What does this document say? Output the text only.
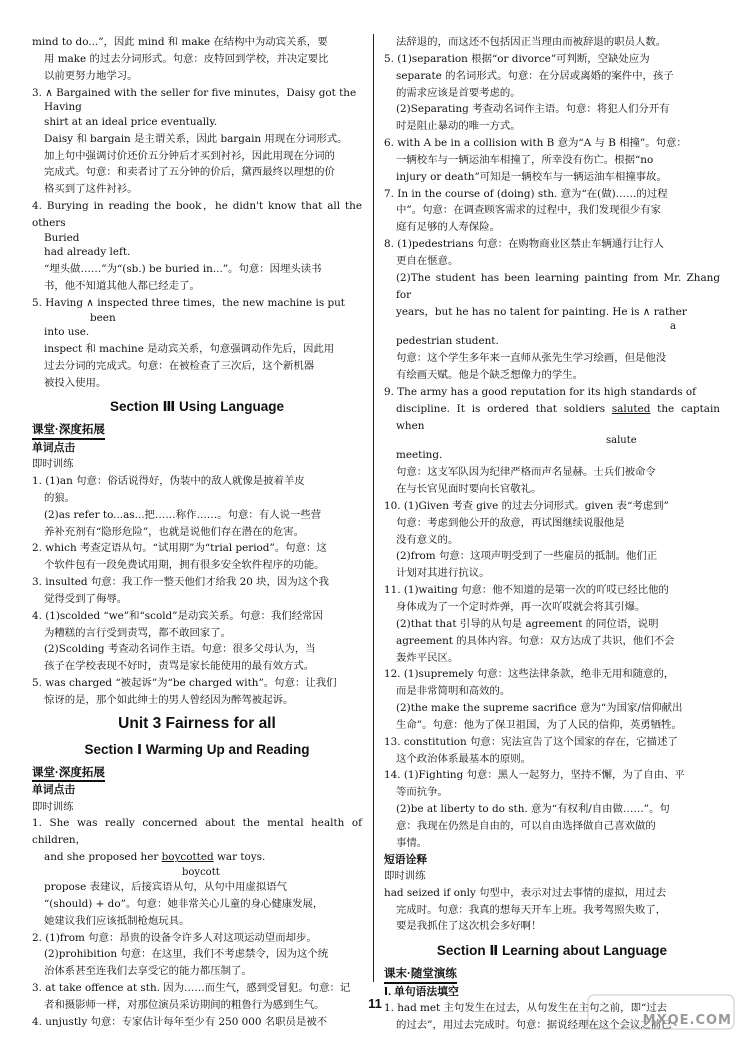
mind to do...”，因此 mind 和 make 在结构中为动宾关系，要

用 make 的过去分词形式。句意：皮特回到学校，并决定要比

以前更努力地学习。

3. ∧ Bargained with the seller for five minutes，Daisy got the

Having

shirt at an ideal price eventually.

Daisy 和 bargain 是主谓关系，因此 bargain 用现在分词形式。

加上句中强调讨价还价五分钟后才买到衬衫，因此用现在分词的

完成式。句意：和卖者讨了五分钟的价后，黛西最终以理想的价

格买到了这件衬衫。

4. Burying in reading the book，he didn't know that all the others

Buried

had already left.

“埋头做……”为“(sb.) be buried in...”。句意：因埋头读书

书，他不知道其他人都已经走了。

5. Having ∧ inspected three times，the new machine is put

been

into use.

inspect 和 machine 是动宾关系，句意强调动作先后，因此用

过去分词的完成式。句意：在被检查了三次后，这个新机器

被投入使用。

Section Ⅲ Using Language
课堂·深度拓展
单词点击

即时训练

1. (1)an 句意：俗话说得好，伪装中的敌人就像是披着羊皮

的狼。

(2)as refer to...as...把……称作……。句意：有人说一些营

养补充剂有“隐形危险”，也就是说他们存在潜在的危害。

2. which 考查定语从句。“试用期”为“trial period”。句意：这

个软件包有一段免费试用期，拥有很多安全软件程序的功能。

3. insulted 句意：我工作一整天他们才给我 20 块，因为这个我

觉得受到了侮辱。

4. (1)scolded “we”和“scold”是动宾关系。句意：我们经常因

为糟糕的言行受到责骂，都不敢回家了。

(2)Scolding 考查动名词作主语。句意：很多父母认为，当

孩子在学校表现不好时，责骂是家长能使用的最有效方式。

5. was charged “被起诉”为“be charged with”。句意：让我们

惊讶的是，那个如此绅士的男人曾经因为醉驾被起诉。

Unit 3 Fairness for all
Section Ⅰ Warming Up and Reading
课堂·深度拓展
单词点击

即时训练

1. She was really concerned about the mental health of children，

and she proposed her boycotted war toys.

boycott

propose 表建议，后接宾语从句，从句中用虚拟语气

“(should) + do”。句意：她非常关心儿童的身心健康发展，

她建议我们应该抵制枪炮玩具。

2. (1)from 句意：昂贵的设备令许多人对这项运动望而却步。

(2)prohibition 句意：在这里，我们不考虑禁令，因为这个统

治体系甚至连我们去享受它的能力都压制了。

3. at take offence at sth. 因为……而生气，感到受冒犯。句意：记

者和摄影师一样，对那位演员采访期间的粗鲁行为感到生气。

4. unjustly 句意：专家估计每年至少有 250 000 名职员是被不

法辞退的，而这还不包括因正当理由而被辞退的职员人数。

5. (1)separation 根据“or divorce”可判断，空缺处应为

separate 的名词形式。句意：在分居或离婚的案件中，孩子

的需求应该是首要考虑的。

(2)Separating 考查动名词作主语。句意：将犯人们分开有

时是阻止暴动的唯一方式。

6. with A be in a collision with B 意为“A 与 B 相撞”。句意：

一辆校车与一辆运油车相撞了，所幸没有伤亡。根据“no

injury or death”可知是一辆校车与一辆运油车相撞事故。

7. In in the course of (doing) sth. 意为“在(做)……的过程

中”。句意：在调查顾客需求的过程中，我们发现很少有家

庭有足够的人寿保险。

8. (1)pedestrians 句意：在购物商业区禁止车辆通行让行人

更自在惬意。

(2)The student has been learning painting from Mr. Zhang for

years，but he has no talent for painting. He is ∧ rather

a

pedestrian student.

句意：这个学生多年来一直师从张先生学习绘画，但是他没

有绘画天赋。他是个缺乏想像力的学生。

9. The army has a good reputation for its high standards of

discipline. It is ordered that soldiers saluted the captain when

salute

meeting.

句意：这支军队因为纪律严格而声名显赫。士兵们被命令

在与长官见面时要向长官敬礼。

10. (1)Given 考查 give 的过去分词形式。given 表“考虑到”

句意：考虑到他公开的敌意，再试图继续说服他是

没有意义的。

(2)from 句意：这项声明受到了一些雇员的抵制。他们正

计划对其进行抗议。

11. (1)waiting 句意：他不知道的是第一次的吖哎已经比他的

身体成为了一个定时炸弹，再一次吖哎就会将其引爆。

(2)that that 引导的从句是 agreement 的同位语，说明

agreement 的具体内容。句意：双方达成了共识，他们不会

轰炸平民区。

12. (1)supremely 句意：这些法律条款，绝非无用和随意的，

而是非常简明和高效的。

(2)the make the supreme sacrifice 意为“为国家/信仰献出

生命”。句意：他为了保卫祖国，为了人民的信仰，英勇牺牲。

13. constitution 句意：宪法宣告了这个国家的存在，它描述了

这个政治体系最基本的原则。

14. (1)Fighting 句意：黑人一起努力，坚持不懈，为了自由、平

等而抗争。

(2)be at liberty to do sth. 意为“有权利/自由做……”。句

意：我现在仍然是自由的，可以自由选择做自己喜欢做的

事情。

短语诠释

即时训练

had seized if only 句型中，表示对过去事情的虚拟，用过去

完成时。句意：我真的想每天开车上班。我考驾照失败了，

要是我抓住了这次机会多好啊！

Section Ⅱ Learning about Language
课末·随堂演练
Ⅰ. 单句语法填空

1. had met 主句发生在过去，从句发生在主句之前，即“过去

的过去”，用过去完成时。句意：据说经理在这个会议之前已

11
MXQE.COM
